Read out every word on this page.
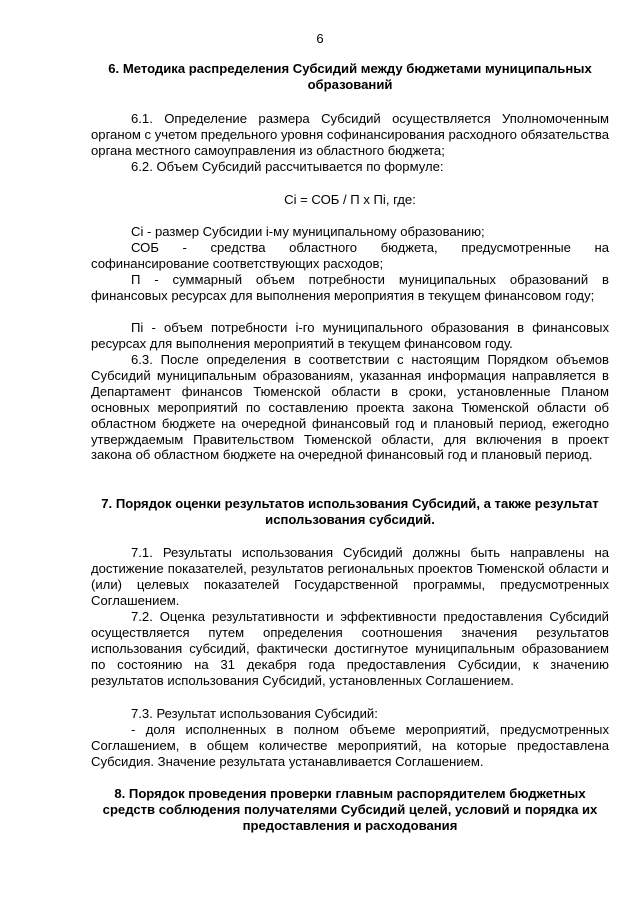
6
6. Методика распределения Субсидий между бюджетами муниципальных образований
6.1. Определение размера Субсидий осуществляется Уполномоченным органом с учетом предельного уровня софинансирования расходного обязательства органа местного самоуправления из областного бюджета;
6.2. Объем Субсидий рассчитывается по формуле:
Сi = СОБ / П x Пi, где:
Сi - размер Субсидии i-му муниципальному образованию;
СОБ - средства областного бюджета, предусмотренные на софинансирование соответствующих расходов;
П - суммарный объем потребности муниципальных образований в финансовых ресурсах для выполнения мероприятия в текущем финансовом году;
Пi - объем потребности i-го муниципального образования в финансовых ресурсах для выполнения мероприятий в текущем финансовом году.
6.3. После определения в соответствии с настоящим Порядком объемов Субсидий муниципальным образованиям, указанная информация направляется в Департамент финансов Тюменской области в сроки, установленные Планом основных мероприятий по составлению проекта закона Тюменской области об областном бюджете на очередной финансовый год и плановый период, ежегодно утверждаемым Правительством Тюменской области, для включения в проект закона об областном бюджете на очередной финансовый год и плановый период.
7. Порядок оценки результатов использования Субсидий, а также результат использования субсидий.
7.1. Результаты использования Субсидий должны быть направлены на достижение показателей, результатов региональных проектов Тюменской области и (или) целевых показателей Государственной программы, предусмотренных Соглашением.
7.2. Оценка результативности и эффективности предоставления Субсидий осуществляется путем определения соотношения значения результатов использования субсидий, фактически достигнутое муниципальным образованием по состоянию на 31 декабря года предоставления Субсидии, к значению результатов использования Субсидий, установленных Соглашением.
7.3. Результат использования Субсидий:
- доля исполненных в полном объеме мероприятий, предусмотренных Соглашением, в общем количестве мероприятий, на которые предоставлена Субсидия. Значение результата устанавливается Соглашением.
8. Порядок проведения проверки главным распорядителем бюджетных средств соблюдения получателями Субсидий целей, условий и порядка их предоставления и расходования
